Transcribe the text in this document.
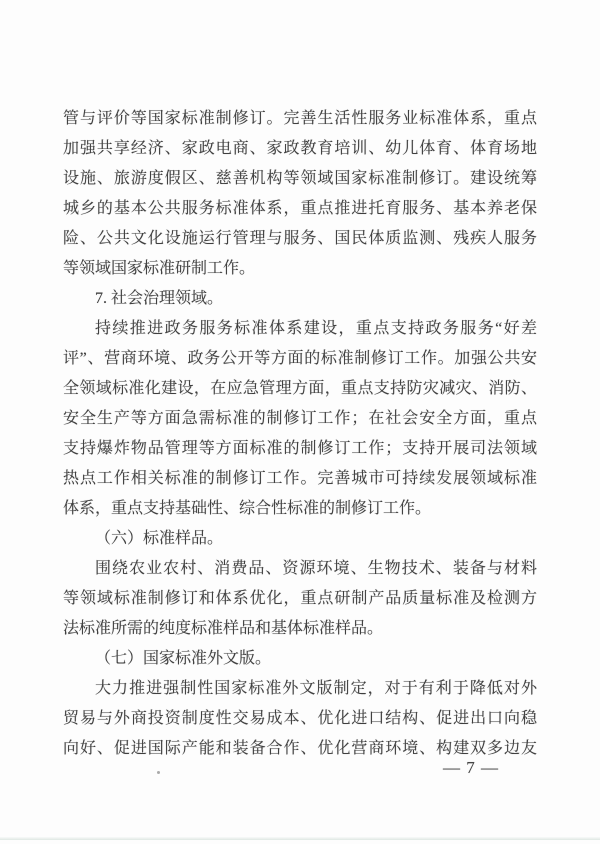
管与评价等国家标准制修订。完善生活性服务业标准体系，重点
加强共享经济、家政电商、家政教育培训、幼儿体育、体育场地
设施、旅游度假区、慈善机构等领域国家标准制修订。建设统筹
城乡的基本公共服务标准体系，重点推进托育服务、基本养老保
险、公共文化设施运行管理与服务、国民体质监测、残疾人服务
等领域国家标准研制工作。
7. 社会治理领域。
持续推进政务服务标准体系建设，重点支持政务服务“好差
评”、营商环境、政务公开等方面的标准制修订工作。加强公共安
全领域标准化建设，在应急管理方面，重点支持防灾减灾、消防、
安全生产等方面急需标准的制修订工作；在社会安全方面，重点
支持爆炸物品管理等方面标准的制修订工作；支持开展司法领域
热点工作相关标准的制修订工作。完善城市可持续发展领域标准
体系，重点支持基础性、综合性标准的制修订工作。
（六）标准样品。
围绕农业农村、消费品、资源环境、生物技术、装备与材料
等领域标准制修订和体系优化，重点研制产品质量标准及检测方
法标准所需的纯度标准样品和基体标准样品。
（七）国家标准外文版。
大力推进强制性国家标准外文版制定，对于有利于降低对外
贸易与外商投资制度性交易成本、优化进口结构、促进出口向稳
向好、促进国际产能和装备合作、优化营商环境、构建双多边友
— 7 —
